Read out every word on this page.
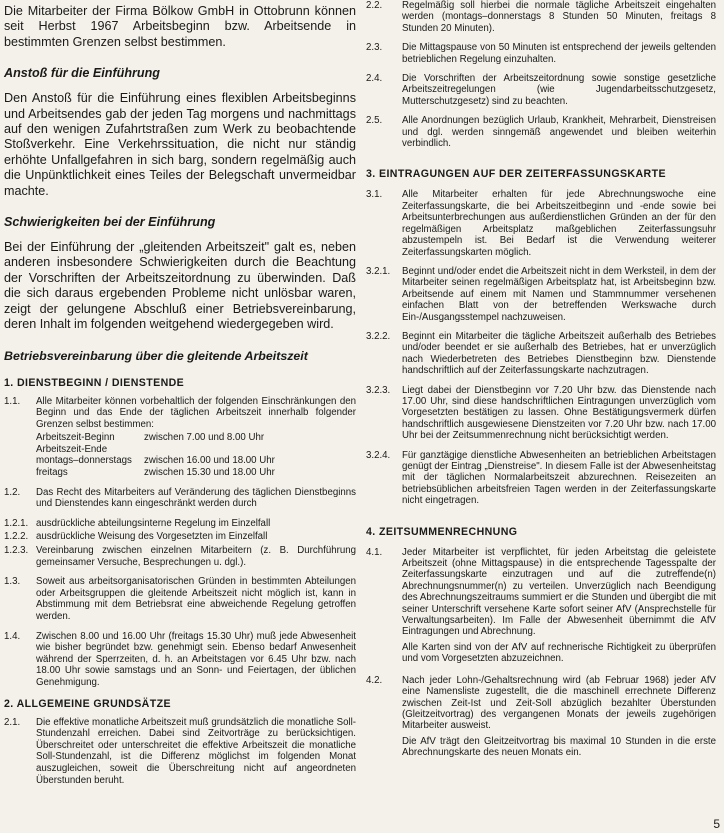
Die Mitarbeiter der Firma Bölkow GmbH in Ottobrunn können seit Herbst 1967 Arbeitsbeginn bzw. Arbeitsende in bestimmten Grenzen selbst bestimmen.

Anstoß für die Einführung

Den Anstoß für die Einführung eines flexiblen Arbeitsbeginns und Arbeitsendes gab der jeden Tag morgens und nachmittags auf den wenigen Zufahrtstraßen zum Werk zu beobachtende Stoßverkehr. Eine Verkehrssituation, die nicht nur ständig erhöhte Unfallgefahren in sich barg, sondern regelmäßig auch die Unpünktlichkeit eines Teiles der Belegschaft unvermeidbar machte.

Schwierigkeiten bei der Einführung

Bei der Einführung der „gleitenden Arbeitszeit" galt es, neben anderen insbesondere Schwierigkeiten durch die Beachtung der Vorschriften der Arbeitszeitordnung zu überwinden. Daß die sich daraus ergebenden Probleme nicht unlösbar waren, zeigt der gelungene Abschluß einer Betriebsvereinbarung, deren Inhalt im folgenden weitgehend wiedergegeben wird.

Betriebsvereinbarung über die gleitende Arbeitszeit
1. DIENSTBEGINN / DIENSTENDE
1.1.	Alle Mitarbeiter können vorbehaltlich der folgenden Einschränkungen den Beginn und das Ende der täglichen Arbeitszeit innerhalb folgender Grenzen selbst bestimmen:
Arbeitszeit-Beginn	zwischen 7.00 und 8.00 Uhr
Arbeitszeit-Ende
montags–donnerstags	zwischen 16.00 und 18.00 Uhr
freitags	zwischen 15.30 und 18.00 Uhr
1.2.	Das Recht des Mitarbeiters auf Veränderung des täglichen Dienstbeginns und Dienstendes kann eingeschränkt werden durch
1.2.1. ausdrückliche abteilungsinterne Regelung im Einzelfall
1.2.2. ausdrückliche Weisung des Vorgesetzten im Einzelfall
1.2.3. Vereinbarung zwischen einzelnen Mitarbeitern (z. B. Durchführung gemeinsamer Versuche, Besprechungen u. dgl.).
1.3.	Soweit aus arbeitsorganisatorischen Gründen in bestimmten Abteilungen oder Arbeitsgruppen die gleitende Arbeitszeit nicht möglich ist, kann in Abstimmung mit dem Betriebsrat eine abweichende Regelung getroffen werden.
1.4.	Zwischen 8.00 und 16.00 Uhr (freitags 15.30 Uhr) muß jede Abwesenheit wie bisher begründet bzw. genehmigt sein. Ebenso bedarf Anwesenheit während der Sperrzeiten, d. h. an Arbeitstagen vor 6.45 Uhr bzw. nach 18.00 Uhr sowie samstags und an Sonn- und Feiertagen, der üblichen Genehmigung.
2. ALLGEMEINE GRUNDSÄTZE
2.1.	Die effektive monatliche Arbeitszeit muß grundsätzlich die monatliche Soll-Stundenzahl erreichen. Dabei sind Zeitvorträge zu berücksichtigen. Überschreitet oder unterschreitet die effektive Arbeitszeit die monatliche Soll-Stundenzahl, ist die Differenz möglichst im folgenden Monat auszugleichen, soweit die Überschreitung nicht auf angeordneten Überstunden beruht.
2.2.	Regelmäßig soll hierbei die normale tägliche Arbeitszeit eingehalten werden (montags–donnerstags 8 Stunden 50 Minuten, freitags 8 Stunden 20 Minuten).
2.3.	Die Mittagspause von 50 Minuten ist entsprechend der jeweils geltenden betrieblichen Regelung einzuhalten.
2.4.	Die Vorschriften der Arbeitszeitordnung sowie sonstige gesetzliche Arbeitszeitregelungen (wie Jugendarbeitsschutzgesetz, Mutterschutzgesetz) sind zu beachten.
2.5.	Alle Anordnungen bezüglich Urlaub, Krankheit, Mehrarbeit, Dienstreisen und dgl. werden sinngemäß angewendet und bleiben weiterhin verbindlich.
3. EINTRAGUNGEN AUF DER ZEITERFASSUNGSKARTE
3.1.	Alle Mitarbeiter erhalten für jede Abrechnungswoche eine Zeiterfassungskarte, die bei Arbeitszeitbeginn und -ende sowie bei Arbeitsunterbrechungen aus außerdienstlichen Gründen an der für den regelmäßigen Arbeitsplatz maßgeblichen Zeiterfassungsuhr abzustempeln ist. Bei Bedarf ist die Verwendung weiterer Zeiterfassungskarten möglich.
3.2.1.	Beginnt und/oder endet die Arbeitszeit nicht in dem Werksteil, in dem der Mitarbeiter seinen regelmäßigen Arbeitsplatz hat, ist Arbeitsbeginn bzw. Arbeitsende auf einem mit Namen und Stammnummer versehenen einfachen Blatt von der betreffenden Werkswache durch Ein-/Ausgangsstempel nachzuweisen.
3.2.2.	Beginnt ein Mitarbeiter die tägliche Arbeitszeit außerhalb des Betriebes und/oder beendet er sie außerhalb des Betriebes, hat er unverzüglich nach Wiederbetreten des Betriebes Dienstbeginn bzw. Dienstende handschriftlich auf der Zeiterfassungskarte nachzutragen.
3.2.3.	Liegt dabei der Dienstbeginn vor 7.20 Uhr bzw. das Dienstende nach 17.00 Uhr, sind diese handschriftlichen Eintragungen unverzüglich vom Vorgesetzten bestätigen zu lassen. Ohne Bestätigungsvermerk dürfen handschriftlich ausgewiesene Dienstzeiten vor 7.20 Uhr bzw. nach 17.00 Uhr bei der Zeitsummenrechnung nicht berücksichtigt werden.
3.2.4.	Für ganztägige dienstliche Abwesenheiten an betrieblichen Arbeitstagen genügt der Eintrag „Dienstreise". In diesem Falle ist der Abwesenheitstag mit der täglichen Normalarbeitszeit abzurechnen. Reisezeiten an betriebsüblichen arbeitsfreien Tagen werden in der Zeiterfassungskarte nicht eingetragen.
4. ZEITSUMMENRECHNUNG
4.1.	Jeder Mitarbeiter ist verpflichtet, für jeden Arbeitstag die geleistete Arbeitszeit (ohne Mittagspause) in die entsprechende Tagesspalte der Zeiterfassungskarte einzutragen und auf die zutreffende(n) Abrechnungsnummer(n) zu verteilen. Unverzüglich nach Beendigung des Abrechnungszeitraums summiert er die Stunden und übergibt die mit seiner Unterschrift versehene Karte sofort seiner AfV (Ansprechstelle für Verwaltungsarbeiten). Im Falle der Abwesenheit übernimmt die AfV Eintragungen und Abrechnung.

Alle Karten sind von der AfV auf rechnerische Richtigkeit zu überprüfen und vom Vorgesetzten abzuzeichnen.

4.2.	Nach jeder Lohn-/Gehaltsrechnung wird (ab Februar 1968) jeder AfV eine Namensliste zugestellt, die die maschinell errechnete Differenz zwischen Zeit-Ist und Zeit-Soll abzüglich bezahlter Überstunden (Gleitzeitvortrag) des vergangenen Monats der jeweils zugehörigen Mitarbeiter ausweist.

Die AfV trägt den Gleitzeitvortrag bis maximal 10 Stunden in die erste Abrechnungskarte des neuen Monats ein.

5
